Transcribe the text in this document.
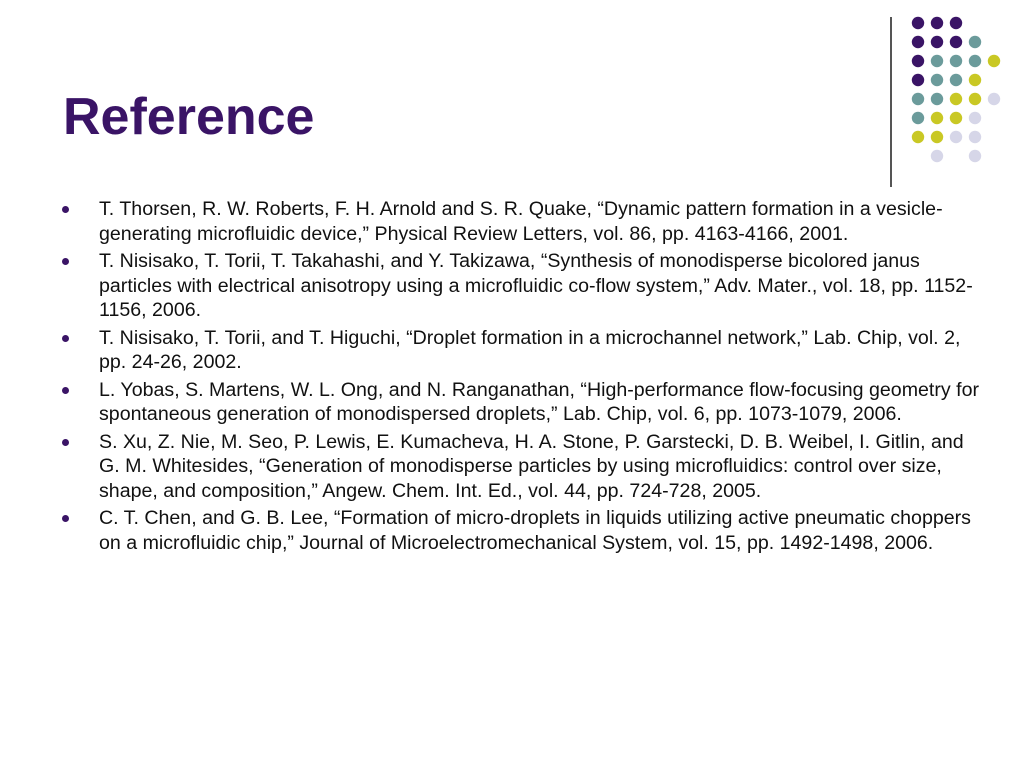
Reference
T. Thorsen, R. W. Roberts, F. H. Arnold and S. R. Quake, “Dynamic pattern formation in a vesicle-generating microfluidic device,” Physical Review Letters, vol. 86, pp. 4163-4166, 2001.
T. Nisisako, T. Torii, T. Takahashi, and Y. Takizawa, “Synthesis of monodisperse bicolored janus particles with electrical anisotropy using a microfluidic co-flow system,” Adv. Mater., vol. 18, pp. 1152-1156, 2006.
T. Nisisako, T. Torii, and T. Higuchi, “Droplet formation in a microchannel network,” Lab. Chip, vol. 2, pp. 24-26, 2002.
L. Yobas, S. Martens, W. L. Ong, and N. Ranganathan, “High-performance flow-focusing geometry for spontaneous generation of monodispersed droplets,” Lab. Chip, vol. 6, pp. 1073-1079, 2006.
S. Xu, Z. Nie, M. Seo, P. Lewis, E. Kumacheva, H. A. Stone, P. Garstecki, D. B. Weibel, I. Gitlin, and G. M. Whitesides, “Generation of monodisperse particles by using microfluidics: control over size, shape, and composition,” Angew. Chem. Int. Ed., vol. 44, pp. 724-728, 2005.
C. T. Chen, and G. B. Lee, “Formation of micro-droplets in liquids utilizing active pneumatic choppers on a microfluidic chip,” Journal of Microelectromechanical System, vol. 15, pp. 1492-1498, 2006.
